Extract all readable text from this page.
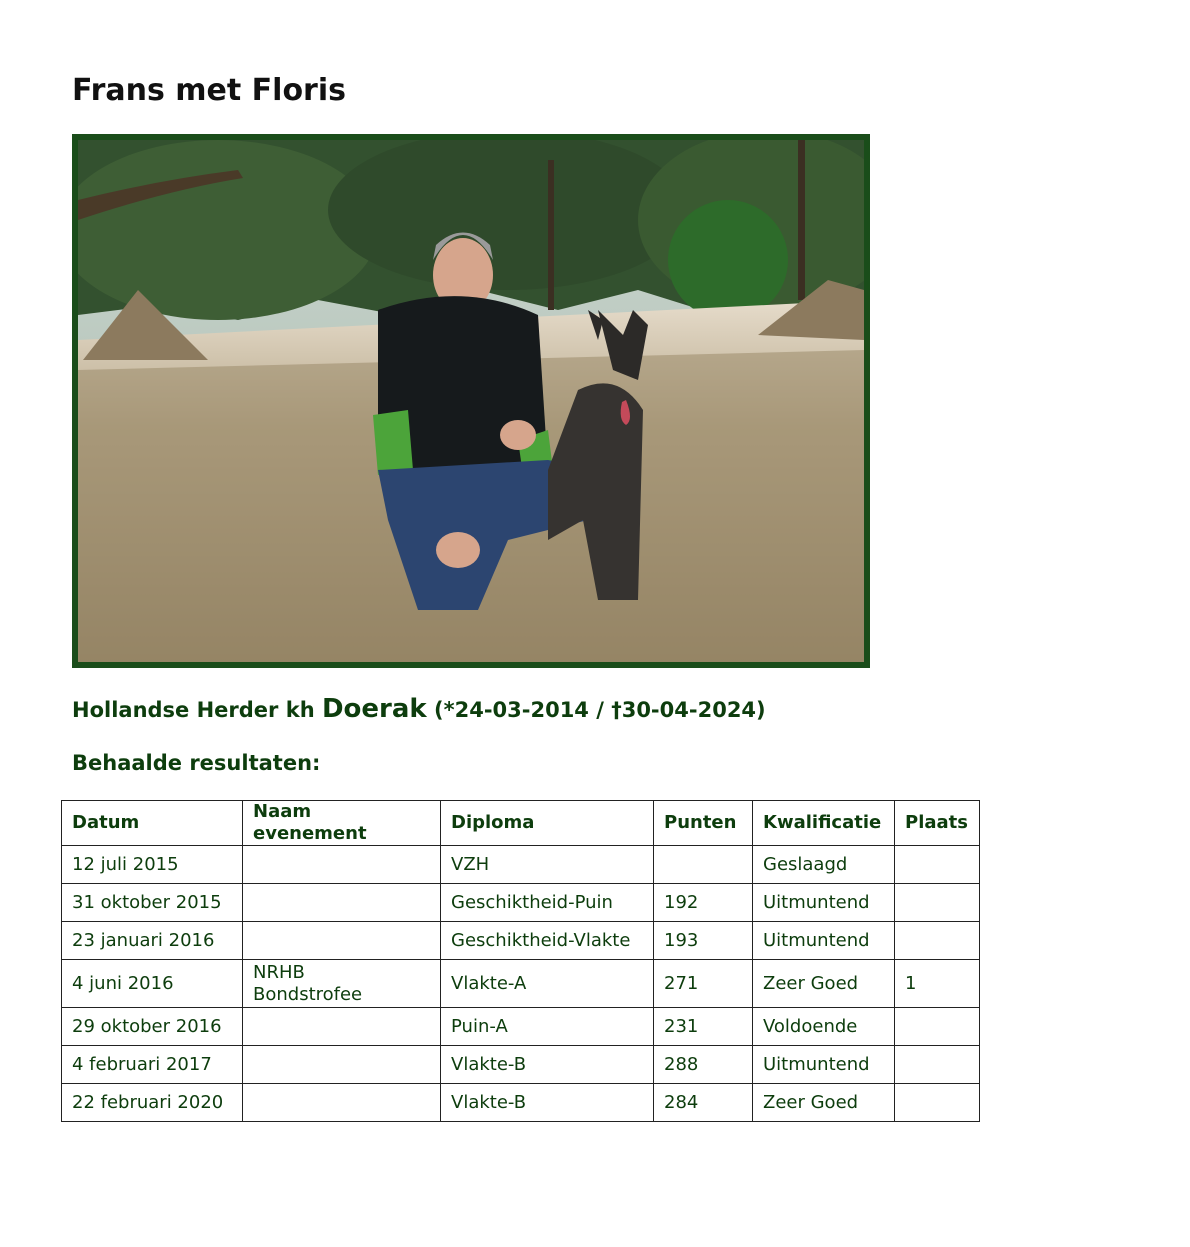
Frans met Floris
Hollandse Herder kh Doerak (*24-03-2014 / †30-04-2024)
Behaalde resultaten:
Datum	Naam evenement	Diploma	Punten	Kwalificatie	Plaats
12 juli 2015		VZH		Geslaagd	
31 oktober 2015		Geschiktheid-Puin	192	Uitmuntend	
23 januari 2016		Geschiktheid-Vlakte	193	Uitmuntend	
4 juni 2016	NRHB
Bondstrofee	Vlakte-A	271	Zeer Goed	1
29 oktober 2016		Puin-A	231	Voldoende	
4 februari 2017		Vlakte-B	288	Uitmuntend	
22 februari 2020		Vlakte-B	284	Zeer Goed	
